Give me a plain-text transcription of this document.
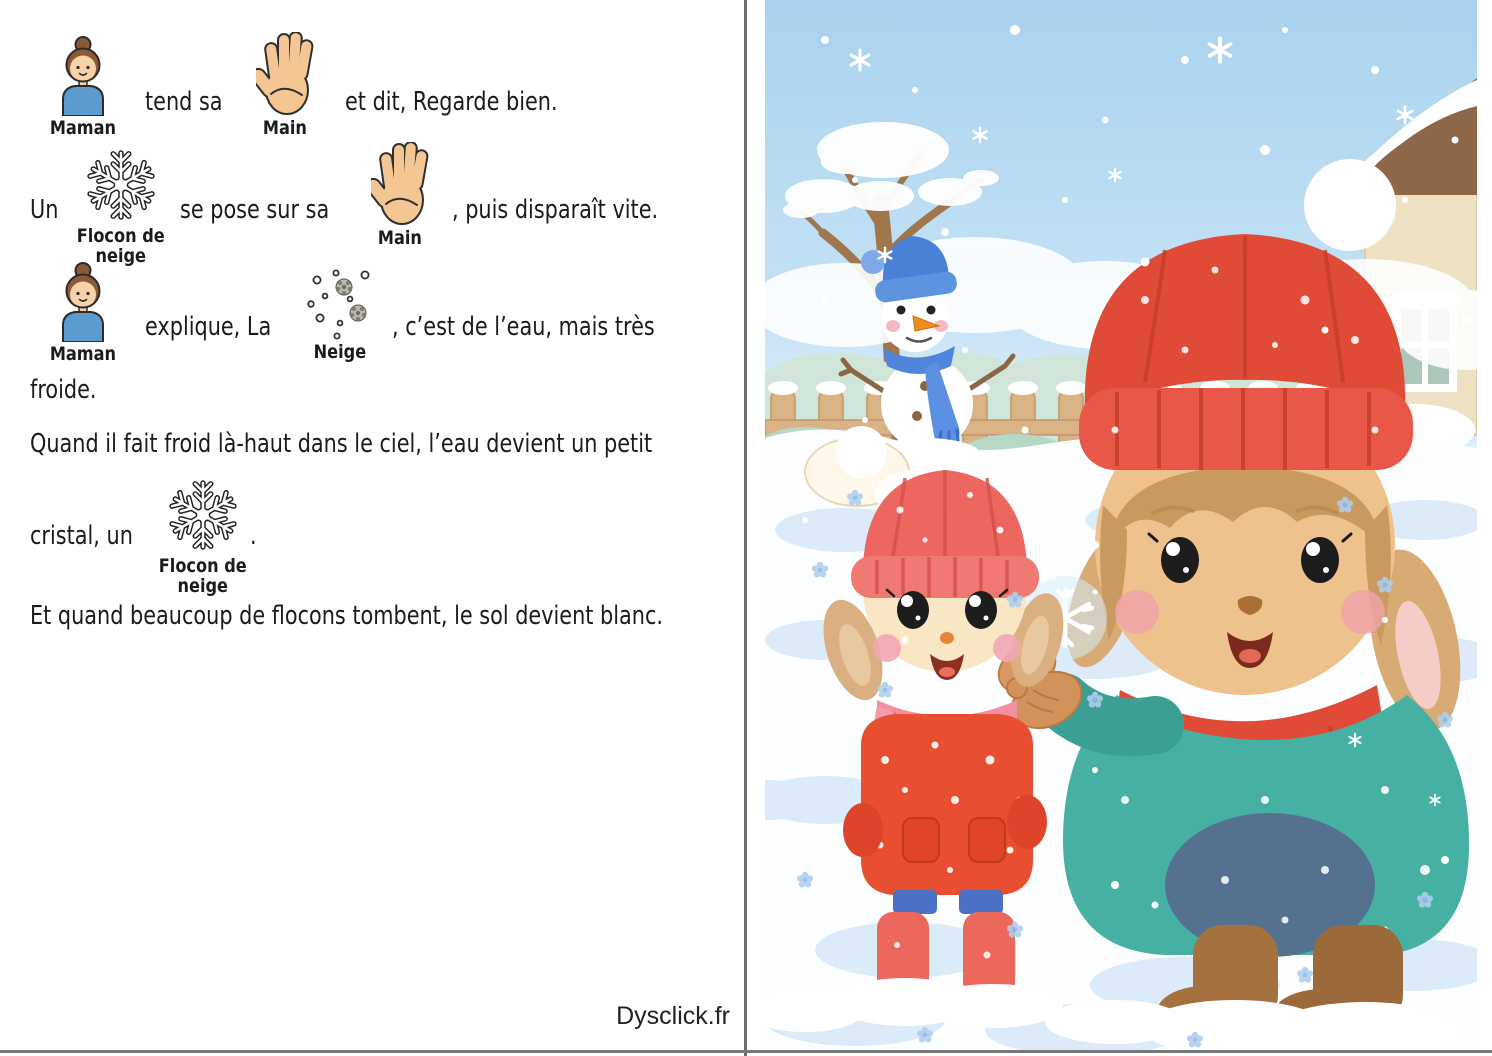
Maman
tend sa
Main
et dit, Regarde bien.
Un
Flocon de
neige
se pose sur sa
Main
, puis disparaît vite.
Maman
explique, La
Neige
, c’est de l’eau, mais très
froide.
Quand il fait froid là-haut dans le ciel, l’eau devient un petit
cristal, un
Flocon de
neige
.
Et quand beaucoup de flocons tombent, le sol devient blanc.
Dysclick.fr
